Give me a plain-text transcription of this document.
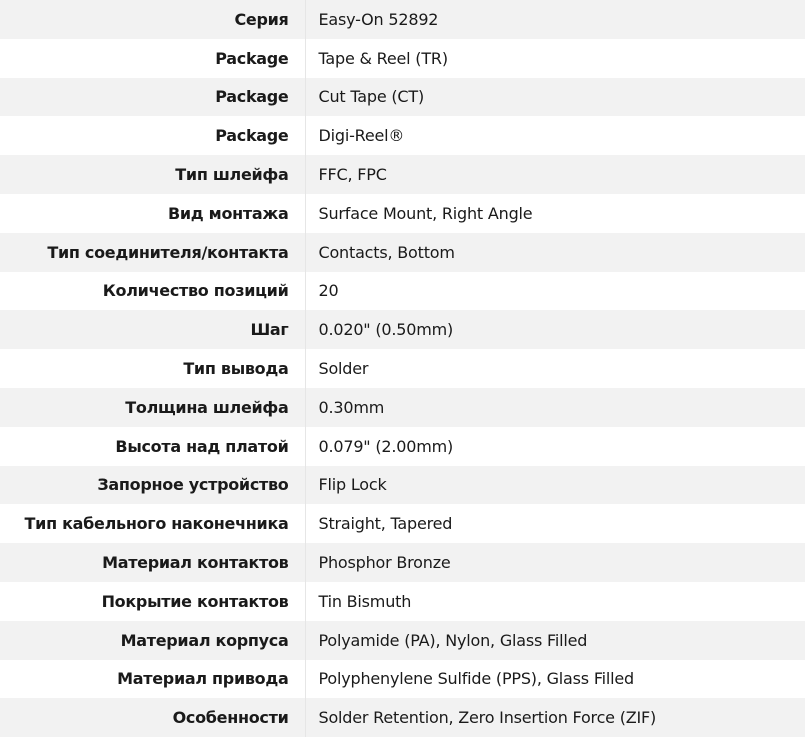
Серия	Easy-On 52892
Package	Tape & Reel (TR)
Package	Cut Tape (CT)
Package	Digi-Reel®
Тип шлейфа	FFC, FPC
Вид монтажа	Surface Mount, Right Angle
Тип соединителя/контакта	Contacts, Bottom
Количество позиций	20
Шаг	0.020" (0.50mm)
Тип вывода	Solder
Толщина шлейфа	0.30mm
Высота над платой	0.079" (2.00mm)
Запорное устройство	Flip Lock
Тип кабельного наконечника	Straight, Tapered
Материал контактов	Phosphor Bronze
Покрытие контактов	Tin Bismuth
Материал корпуса	Polyamide (PA), Nylon, Glass Filled
Материал привода	Polyphenylene Sulfide (PPS), Glass Filled
Особенности	Solder Retention, Zero Insertion Force (ZIF)
